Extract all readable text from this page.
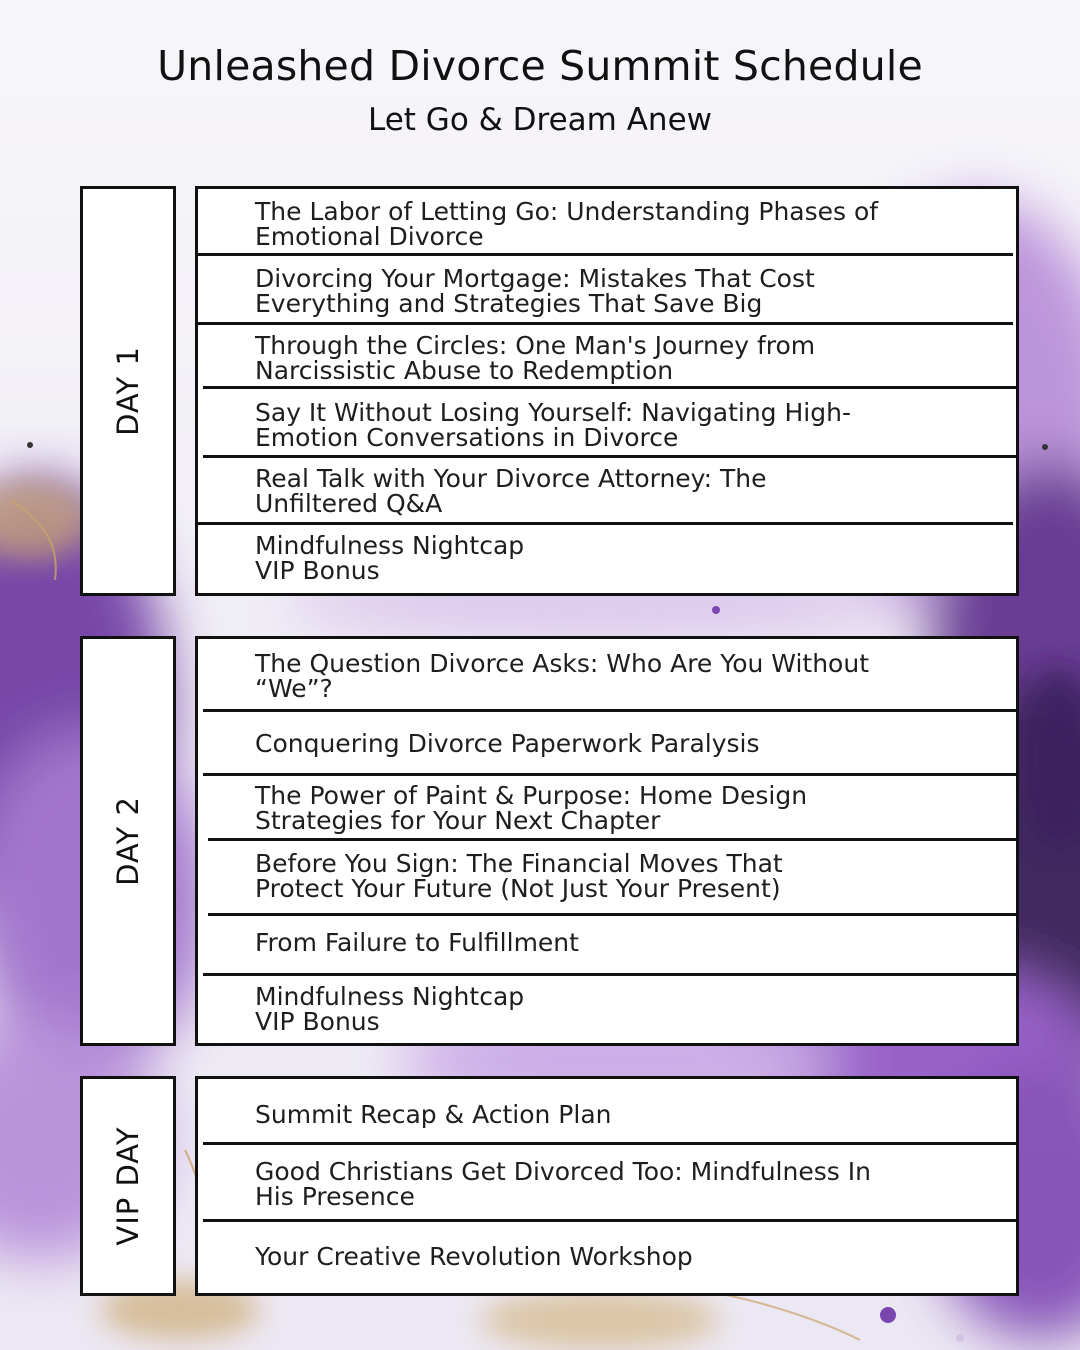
Unleashed Divorce Summit Schedule
Let Go & Dream Anew
DAY 1
The Labor of Letting Go: Understanding Phases of
Emotional Divorce
Divorcing Your Mortgage: Mistakes That Cost
Everything and Strategies That Save Big
Through the Circles: One Man's Journey from
Narcissistic Abuse to Redemption
Say It Without Losing Yourself: Navigating High-
Emotion Conversations in Divorce
Real Talk with Your Divorce Attorney: The
Unfiltered Q&A
Mindfulness Nightcap
VIP Bonus
DAY 2
The Question Divorce Asks: Who Are You Without
“We”?
Conquering Divorce Paperwork Paralysis
The Power of Paint & Purpose: Home Design
Strategies for Your Next Chapter
Before You Sign: The Financial Moves That
Protect Your Future (Not Just Your Present)
From Failure to Fulfillment
Mindfulness Nightcap
VIP Bonus
VIP DAY
Summit Recap & Action Plan
Good Christians Get Divorced Too: Mindfulness In
His Presence
Your Creative Revolution Workshop
